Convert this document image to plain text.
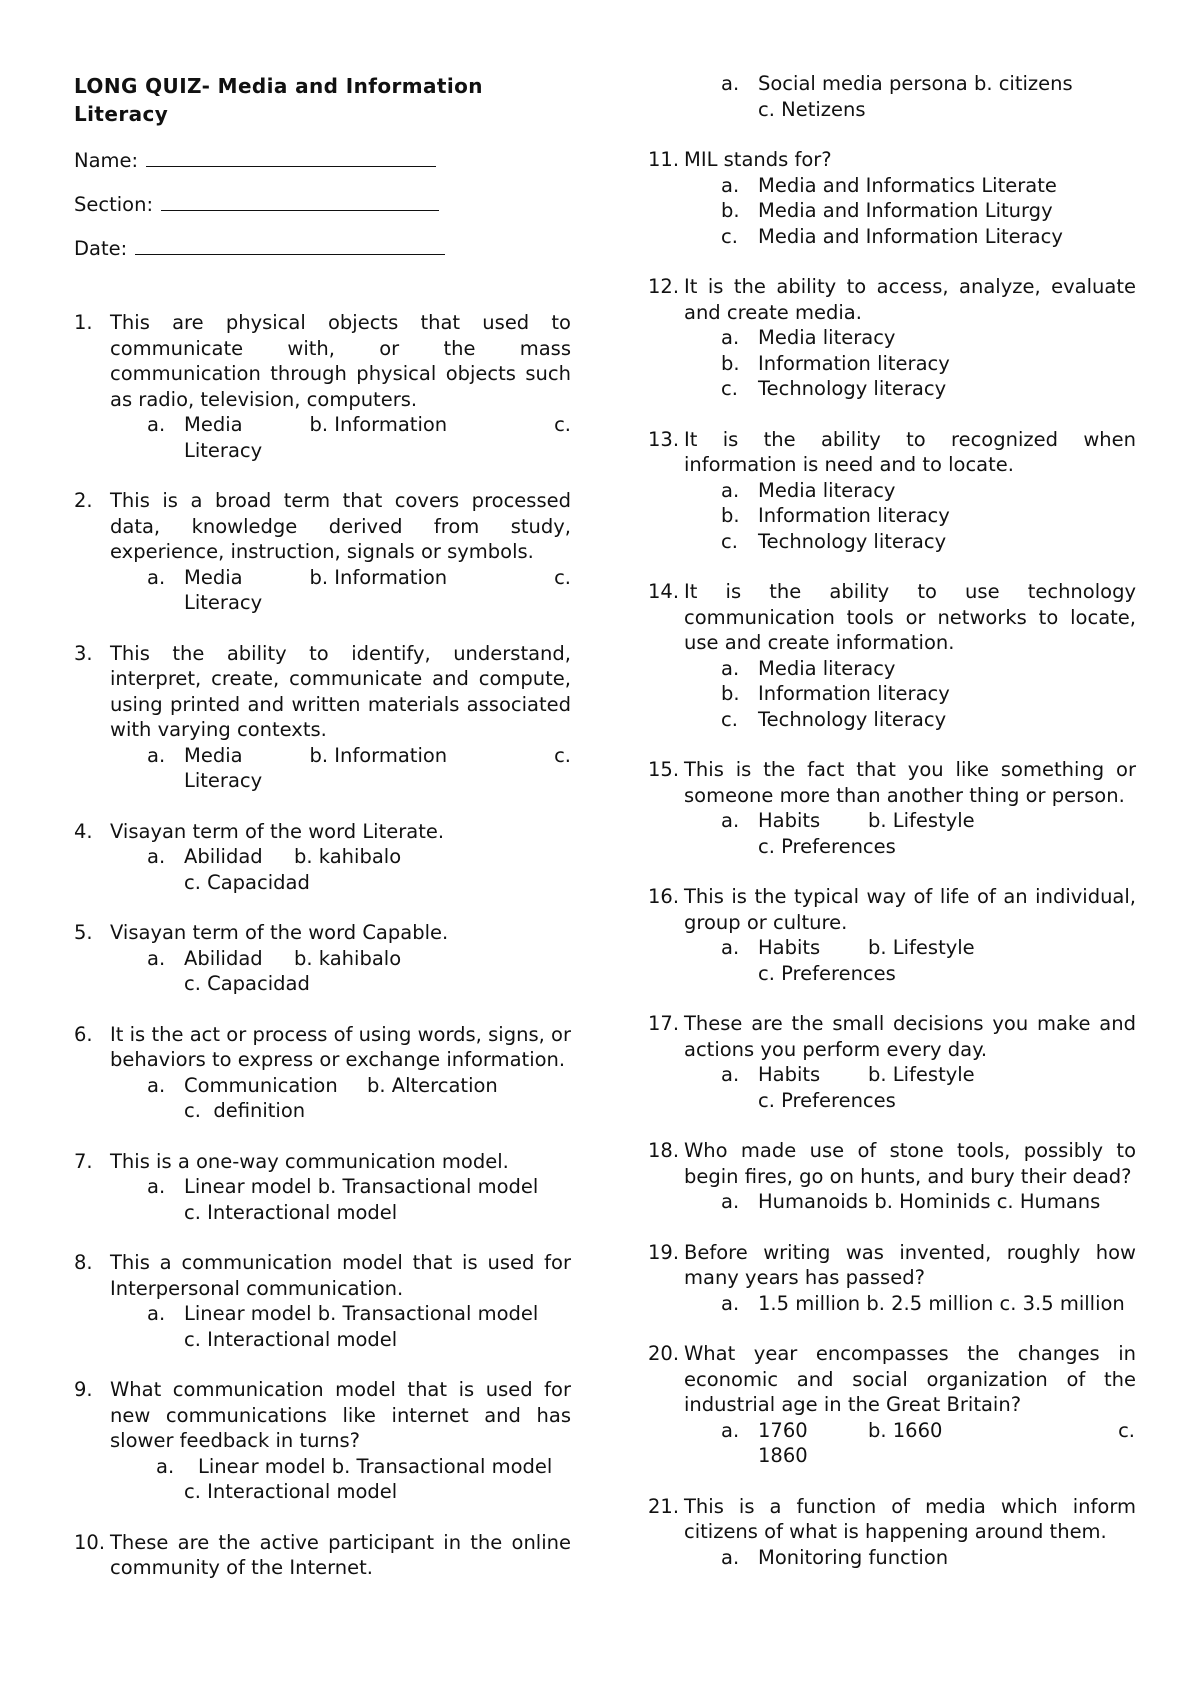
LONG QUIZ- Media and Information Literacy
Name:
Section:
Date:
1. This are physical objects that used to communicate with, or the mass communication through physical objects such as radio, television, computers.
a. Media	b. Information	c.
Literacy
2. This is a broad term that covers processed data, knowledge derived from study, experience, instruction, signals or symbols.
a. Media	b. Information	c.
Literacy
3. This the ability to identify, understand, interpret, create, communicate and compute, using printed and written materials associated with varying contexts.
a. Media	b. Information	c.
Literacy
4. Visayan term of the word Literate.
a. Abilidad	b. kahibalo
c. Capacidad
5. Visayan term of the word Capable.
a. Abilidad	b. kahibalo
c. Capacidad
6. It is the act or process of using words, signs, or behaviors to express or exchange information.
a. Communication	b. Altercation
c.  definition
7. This is a one-way communication model.
a. Linear model b. Transactional model
c. Interactional model
8. This a communication model that is used for Interpersonal communication.
a. Linear model b. Transactional model
c. Interactional model
9. What communication model that is used for new communications like internet and has slower feedback in turns?
a.	Linear model b. Transactional model
c. Interactional model
10. These are the active participant in the online community of the Internet.
a. Social media persona b. citizens
c. Netizens
11. MIL stands for?
a. Media and Informatics Literate
b. Media and Information Liturgy
c.	Media and Information Literacy
12. It is the ability to access, analyze, evaluate and create media.
a. Media literacy
b. Information literacy
c.	Technology literacy
13. It is the ability to recognized when information is need and to locate.
a. Media literacy
b. Information literacy
c.	Technology literacy
14. It is the ability to use technology communication tools or networks to locate, use and create information.
a. Media literacy
b. Information literacy
c.	Technology literacy
15. This is the fact that you like something or someone more than another thing or person.
a. Habits	b. Lifestyle
c. Preferences
16. This is the typical way of life of an individual, group or culture.
a. Habits	b. Lifestyle
c. Preferences
17. These are the small decisions you make and actions you perform every day.
a. Habits	b. Lifestyle
c. Preferences
18. Who made use of stone tools, possibly to begin fires, go on hunts, and bury their dead?
a. Humanoids b. Hominids c. Humans
19. Before writing was invented, roughly how many years has passed?
a. 1.5 million b. 2.5 million c. 3.5 million
20. What year encompasses the changes in economic and social organization of the industrial age in the Great Britain?
a. 1760	b. 1660	c.
1860
21. This is a function of media which inform citizens of what is happening around them.
a. Monitoring function
